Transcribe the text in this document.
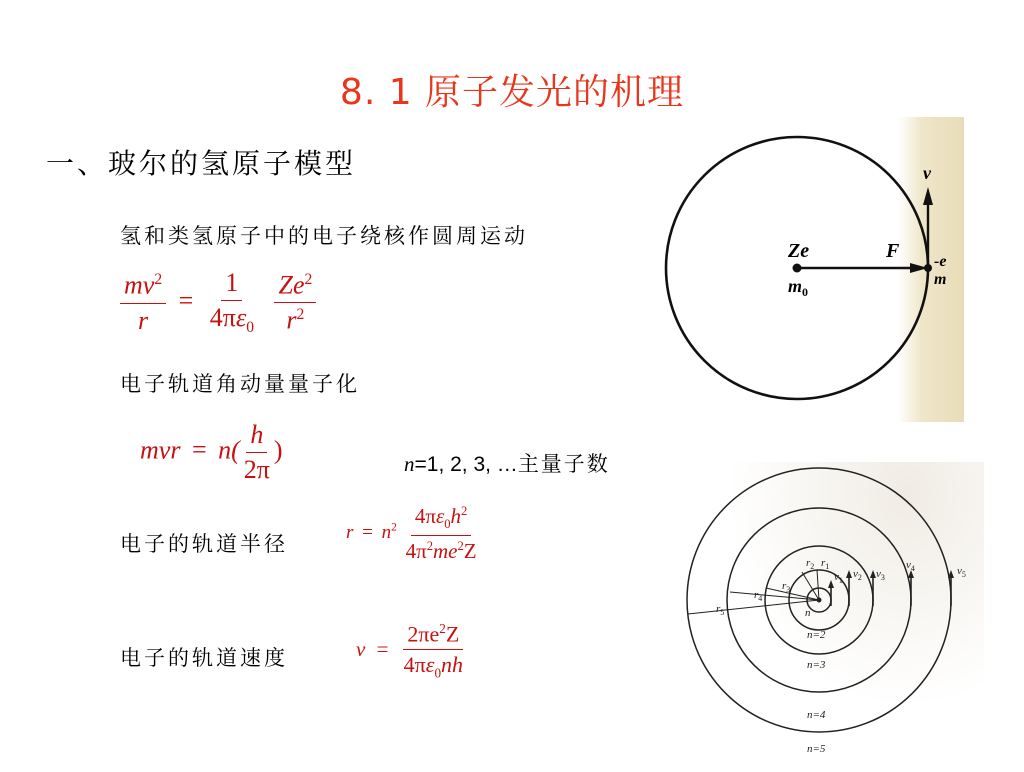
8. 1 原子发光的机理
一、玻尔的氢原子模型
氢和类氢原子中的电子绕核作圆周运动
$\frac{mv^2}{r} = \frac{1}{4\pi\varepsilon_0}$
$\frac{Ze^2}{r^2}$
电子轨道角动量量子化
mvr = $n( \frac{h}{2\pi}$ )	n=1, 2, 3, …主量子数
电子的轨道半径	$r = n^2 \frac{4\pi\varepsilon_0h^2}{4\pi^2me^2Z}$
电子的轨道速度	$v = \frac{2\pi e^2Z}{4\pi\varepsilon_0nh}$
Ze
$m_0$
F
v
-e
m
$r_5$
$r_4$
$r_3$
$r_2$ $r_1$
$v_1$
$v_2$ $v_3$
$v_4$	$v_5$
n
n=2
n=3
n=4
n=5
